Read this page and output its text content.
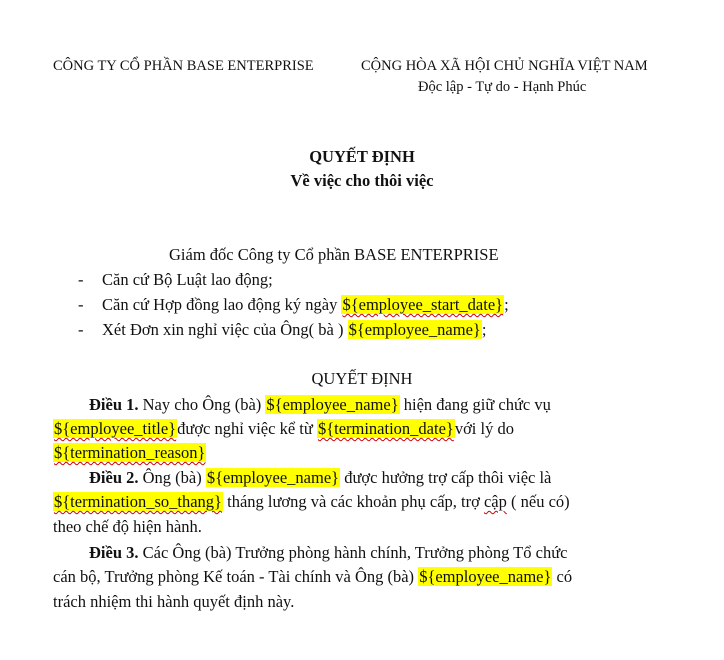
CÔNG TY CỔ PHẦN BASE ENTERPRISE	CỘNG HÒA XÃ HỘI CHỦ NGHĨA VIỆT NAM
Độc lập - Tự do - Hạnh Phúc
QUYẾT ĐỊNH
Về việc cho thôi việc
Giám đốc Công ty Cổ phần BASE ENTERPRISE
- Căn cứ Bộ Luật lao động;
- Căn cứ Hợp đồng lao động ký ngày ${employee_start_date};
- Xét Đơn xin nghỉ việc của Ông( bà ) ${employee_name};
QUYẾT ĐỊNH
Điều 1. Nay cho Ông (bà) ${employee_name} hiện đang giữ chức vụ
${employee_title}được nghỉ việc kể từ ${termination_date}với lý do
${termination_reason}
Điều 2. Ông (bà) ${employee_name} được hưởng trợ cấp thôi việc là
${termination_so_thang} tháng lương và các khoản phụ cấp, trợ cập ( nếu có)
theo chế độ hiện hành.
Điều 3. Các Ông (bà) Trưởng phòng hành chính, Trưởng phòng Tổ chức
cán bộ, Trưởng phòng Kế toán - Tài chính và Ông (bà) ${employee_name} có
trách nhiệm thi hành quyết định này.
